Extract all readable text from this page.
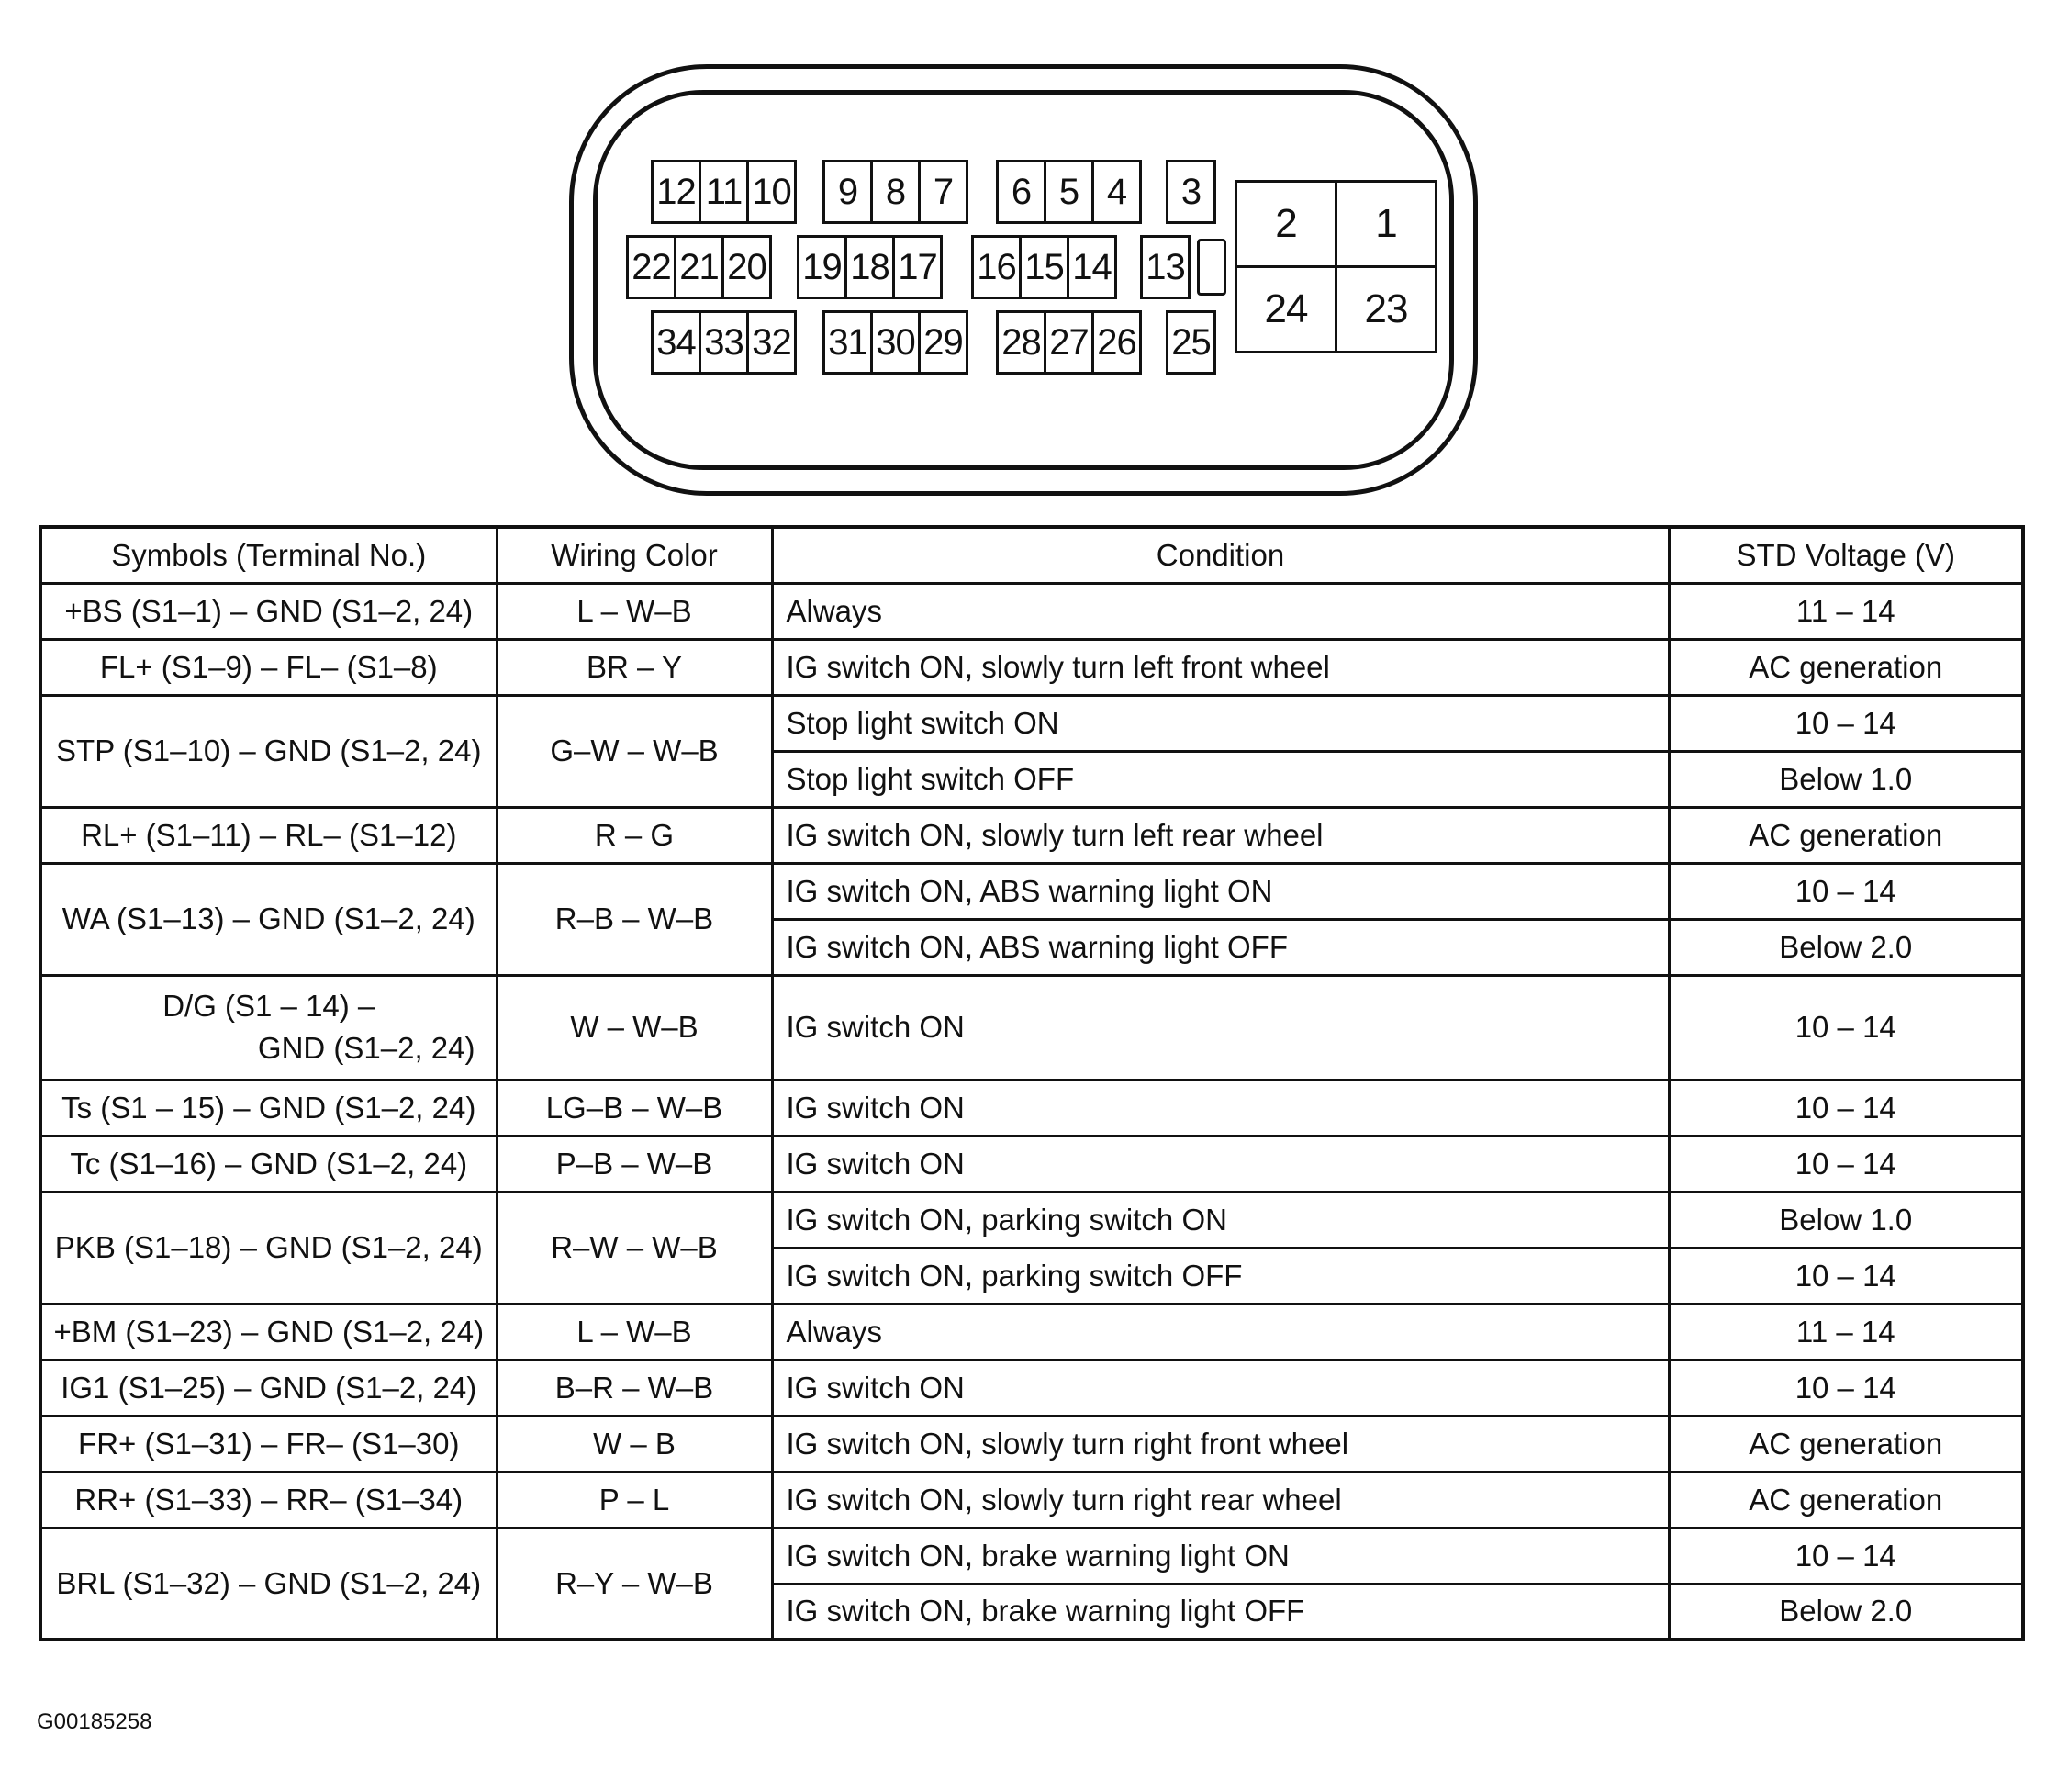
12 11 10	9 8 7	6 5 4	3
22 21 20 19 18 17 16 15 14 13
34 33 32 31 30 29 28 27 26 25
2	1
24	23
Symbols (Terminal No.)	Wiring Color	Condition	STD Voltage (V)
+BS (S1–1) – GND (S1–2, 24)	L – W–B	Always	11 – 14
FL+ (S1–9) – FL– (S1–8)	BR – Y	IG switch ON, slowly turn left front wheel	AC generation
STP (S1–10) – GND (S1–2, 24)	G–W – W–B	Stop light switch ON	10 – 14
		Stop light switch OFF	Below 1.0
RL+ (S1–11) – RL– (S1–12)	R – G	IG switch ON, slowly turn left rear wheel	AC generation
WA (S1–13) – GND (S1–2, 24)	R–B – W–B	IG switch ON, ABS warning light ON	10 – 14
		IG switch ON, ABS warning light OFF	Below 2.0
D/G (S1 – 14) –
GND (S1–2, 24)	W – W–B	IG switch ON	10 – 14
Ts (S1 – 15) – GND (S1–2, 24)	LG–B – W–B	IG switch ON	10 – 14
Tc (S1–16) – GND (S1–2, 24)	P–B – W–B	IG switch ON	10 – 14
PKB (S1–18) – GND (S1–2, 24)	R–W – W–B	IG switch ON, parking switch ON	Below 1.0
		IG switch ON, parking switch OFF	10 – 14
+BM (S1–23) – GND (S1–2, 24)	L – W–B	Always	11 – 14
IG1 (S1–25) – GND (S1–2, 24)	B–R – W–B	IG switch ON	10 – 14
FR+ (S1–31) – FR– (S1–30)	W – B	IG switch ON, slowly turn right front wheel	AC generation
RR+ (S1–33) – RR– (S1–34)	P – L	IG switch ON, slowly turn right rear wheel	AC generation
BRL (S1–32) – GND (S1–2, 24)	R–Y – W–B	IG switch ON, brake warning light ON	10 – 14
		IG switch ON, brake warning light OFF	Below 2.0
G00185258
